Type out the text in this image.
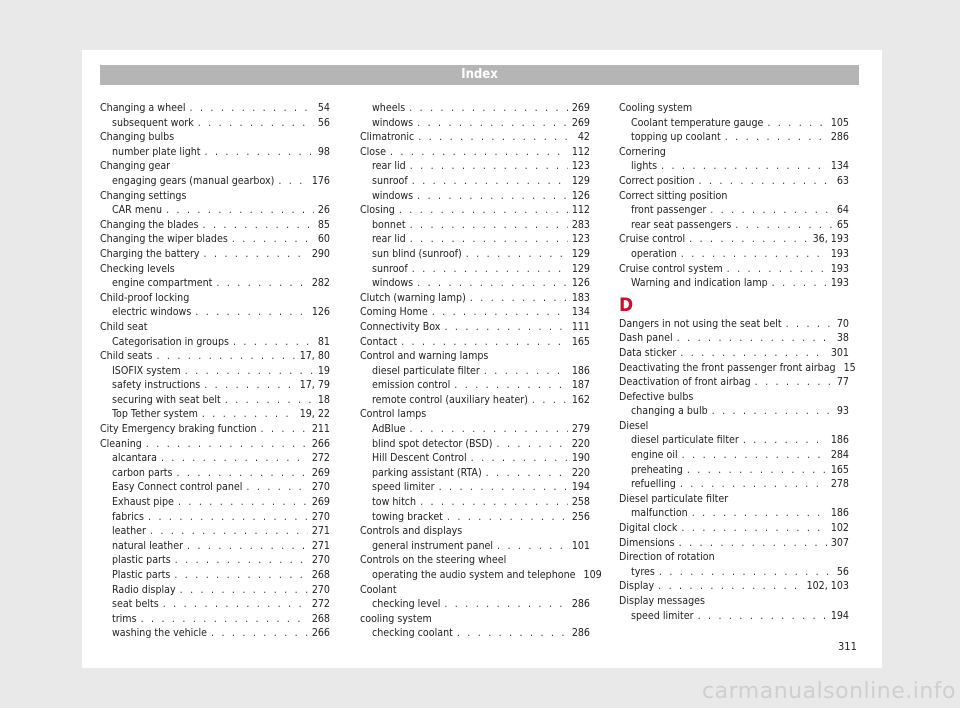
Index
Changing a wheel . . .	54
subsequent work . . .	56
Changing bulbs
number plate light . . .	98
Changing gear
engaging gears (manual gearbox) . . .	176
Changing settings
CAR menu . . .	26
Changing the blades . . .	85
Changing the wiper blades . . .	60
Charging the battery . . .	290
Checking levels
engine compartment . . .	282
Child-proof locking
electric windows . . .	126
Child seat
Categorisation in groups . . .	81
Child seats . . .	17, 80
ISOFIX system . . .	19
safety instructions . . .	17, 79
securing with seat belt . . .	18
Top Tether system . . .	19, 22
City Emergency braking function . . .	211
Cleaning . . .	266
alcantara . . .	272
carbon parts . . .	269
Easy Connect control panel . . .	270
Exhaust pipe . . .	269
fabrics . . .	270
leather . . .	271
natural leather . . .	271
plastic parts . . .	270
Plastic parts . . .	268
Radio display . . .	270
seat belts . . .	272
trims . . .	268
washing the vehicle . . .	266
wheels . . .	269
windows . . .	269
Climatronic . . .	42
Close . . .	112
rear lid . . .	123
sunroof . . .	129
windows . . .	126
Closing . . .	112
bonnet . . .	283
rear lid . . .	123
sun blind (sunroof) . . .	129
sunroof . . .	129
windows . . .	126
Clutch (warning lamp) . . .	183
Coming Home . . .	134
Connectivity Box . . .	111
Contact . . .	165
Control and warning lamps
diesel particulate filter . . .	186
emission control . . .	187
remote control (auxiliary heater) . . .	162
Control lamps
AdBlue . . .	279
blind spot detector (BSD) . . .	220
Hill Descent Control . . .	190
parking assistant (RTA) . . .	220
speed limiter . . .	194
tow hitch . . .	258
towing bracket . . .	256
Controls and displays
general instrument panel . . .	101
Controls on the steering wheel
operating the audio system and telephone 109
Coolant
checking level . . .	286
cooling system
checking coolant . . .	286
Cooling system
Coolant temperature gauge . . .	105
topping up coolant . . .	286
Cornering
lights . . .	134
Correct position . . .	63
Correct sitting position
front passenger . . .	64
rear seat passengers . . .	65
Cruise control . . .	36, 193
operation . . .	193
Cruise control system . . .	193
Warning and indication lamp . . .	193
D
Dangers in not using the seat belt . . .	70
Dash panel . . .	38
Data sticker . . .	301
Deactivating the front passenger front airbag 15
Deactivation of front airbag . . .	77
Defective bulbs
changing a bulb . . .	93
Diesel
diesel particulate filter . . .	186
engine oil . . .	284
preheating . . .	165
refuelling . . .	278
Diesel particulate filter
malfunction . . .	186
Digital clock . . .	102
Dimensions . . .	307
Direction of rotation
tyres . . .	56
Display . . .	102, 103
Display messages
speed limiter . . .	194
311
carmanualsonline.info
